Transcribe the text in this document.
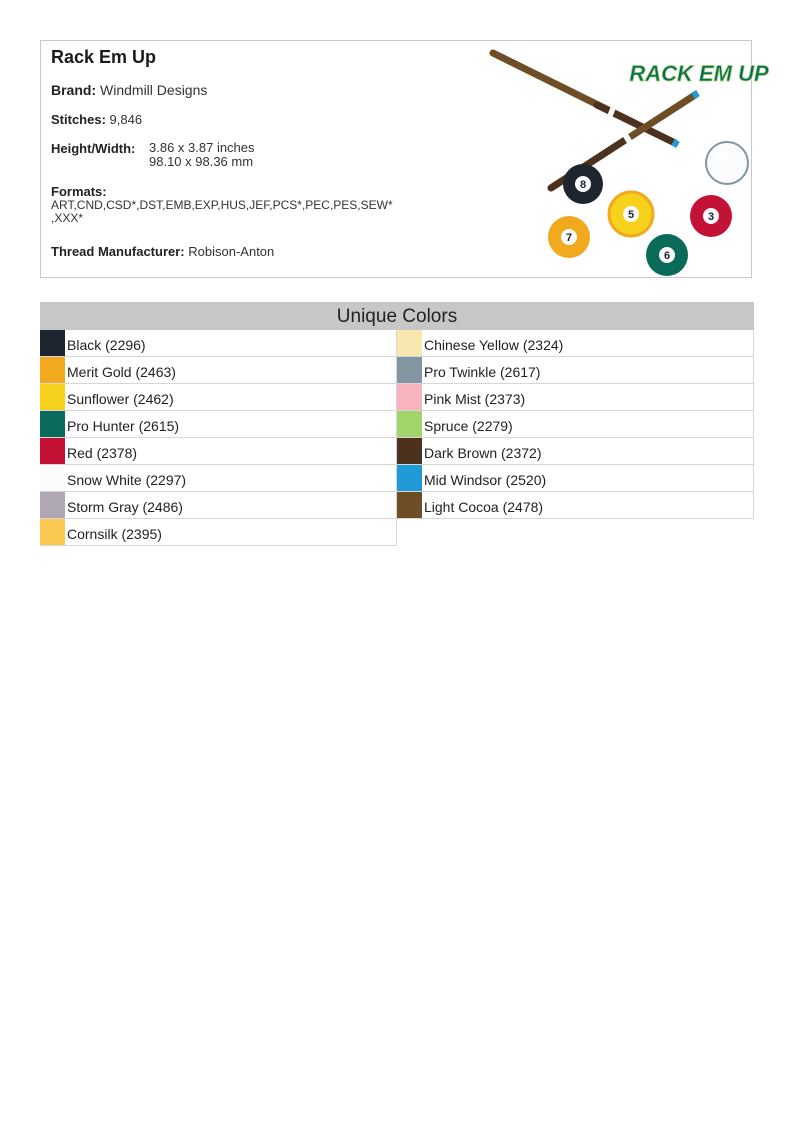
Rack Em Up
Brand: Windmill Designs
Stitches: 9,846
Height/Width: 3.86 x 3.87 inches
98.10 x 98.36 mm
Formats:
ART,CND,CSD*,DST,EMB,EXP,HUS,JEF,PCS*,PEC,PES,SEW*
,XXX*
Thread Manufacturer: Robison-Anton
RACK EM UP
8
5	3
7
6
Unique Colors
Black (2296)
Merit Gold (2463)
Sunflower (2462)
Pro Hunter (2615)
Red (2378)
Snow White (2297)
Storm Gray (2486)
Cornsilk (2395)
Chinese Yellow (2324)
Pro Twinkle (2617)
Pink Mist (2373)
Spruce (2279)
Dark Brown (2372)
Mid Windsor (2520)
Light Cocoa (2478)
